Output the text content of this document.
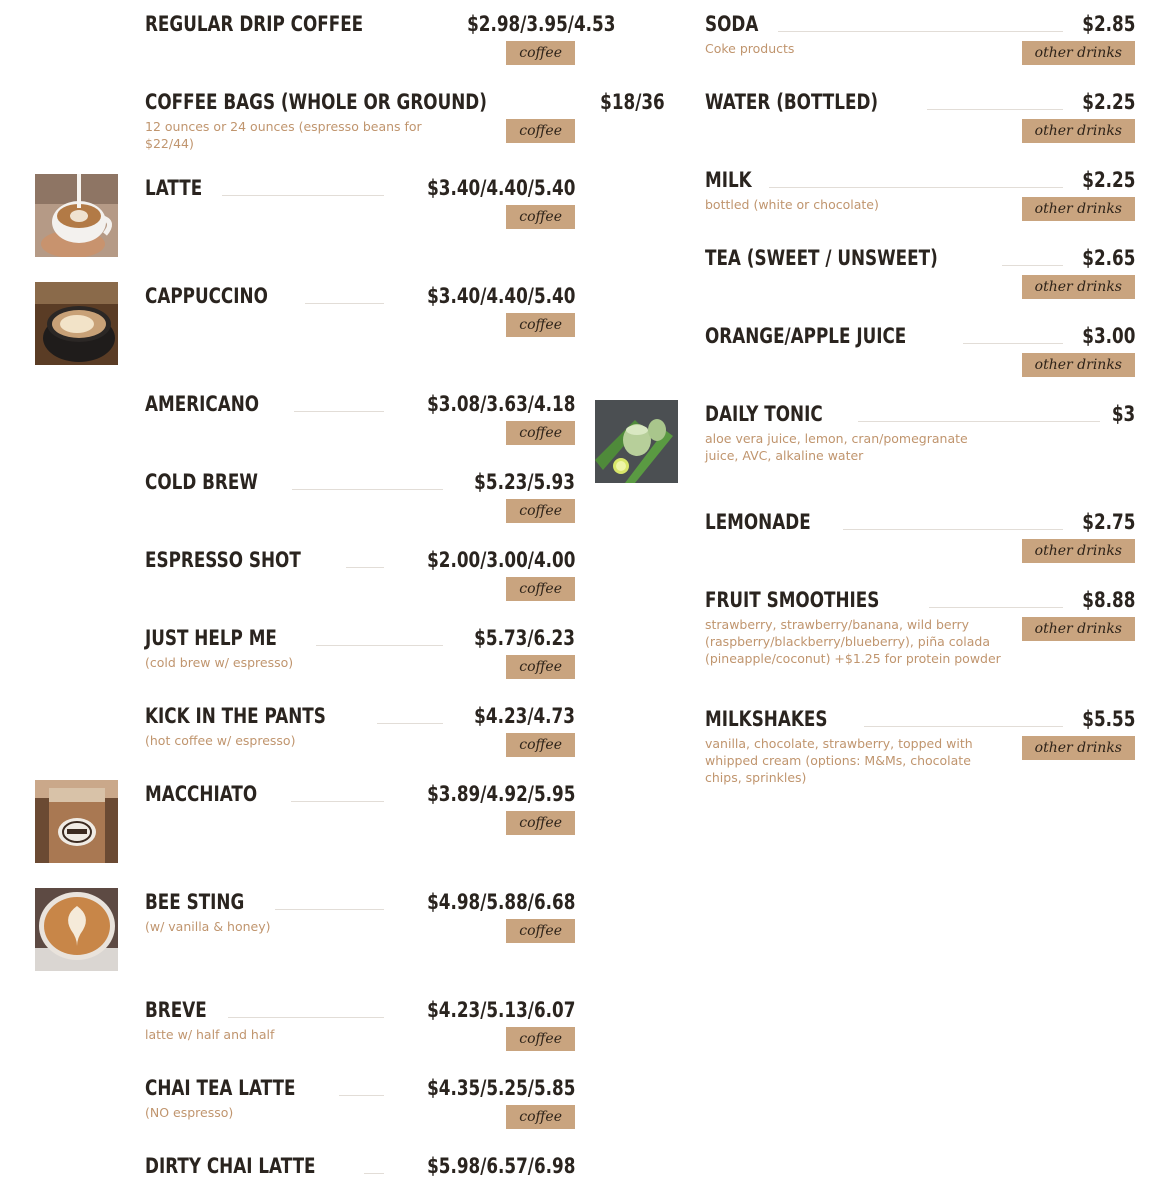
REGULAR DRIP COFFEE	$2.98/3.95/4.53
coffee
COFFEE BAGS (WHOLE OR GROUND)	$18/36
12 ounces or 24 ounces (espresso beans for $22/44)
coffee
LATTE	$3.40/4.40/5.40
coffee
CAPPUCCINO	$3.40/4.40/5.40
coffee
AMERICANO	$3.08/3.63/4.18
coffee
COLD BREW	$5.23/5.93
coffee
ESPRESSO SHOT	$2.00/3.00/4.00
coffee
JUST HELP ME	$5.73/6.23
(cold brew w/ espresso)	coffee
KICK IN THE PANTS	$4.23/4.73
(hot coffee w/ espresso)	coffee
MACCHIATO	$3.89/4.92/5.95
coffee
BEE STING	$4.98/5.88/6.68
(w/ vanilla & honey)	coffee
BREVE	$4.23/5.13/6.07
latte w/ half and half	coffee
CHAI TEA LATTE	$4.35/5.25/5.85
(NO espresso)	coffee
DIRTY CHAI LATTE	$5.98/6.57/6.98
SODA	$2.85
Coke products	other drinks
WATER (BOTTLED)	$2.25
other drinks
MILK	$2.25
bottled (white or chocolate)	other drinks
TEA (SWEET / UNSWEET)	$2.65
other drinks
ORANGE/APPLE JUICE	$3.00
other drinks
DAILY TONIC	$3
aloe vera juice, lemon, cran/pomegranate juice, AVC, alkaline water
LEMONADE	$2.75
other drinks
FRUIT SMOOTHIES	$8.88
strawberry, strawberry/banana, wild berry (raspberry/blackberry/blueberry), piña colada (pineapple/coconut) +$1.25 for protein powder
other drinks
MILKSHAKES	$5.55
vanilla, chocolate, strawberry, topped with whipped cream (options: M&Ms, chocolate chips, sprinkles)
other drinks
